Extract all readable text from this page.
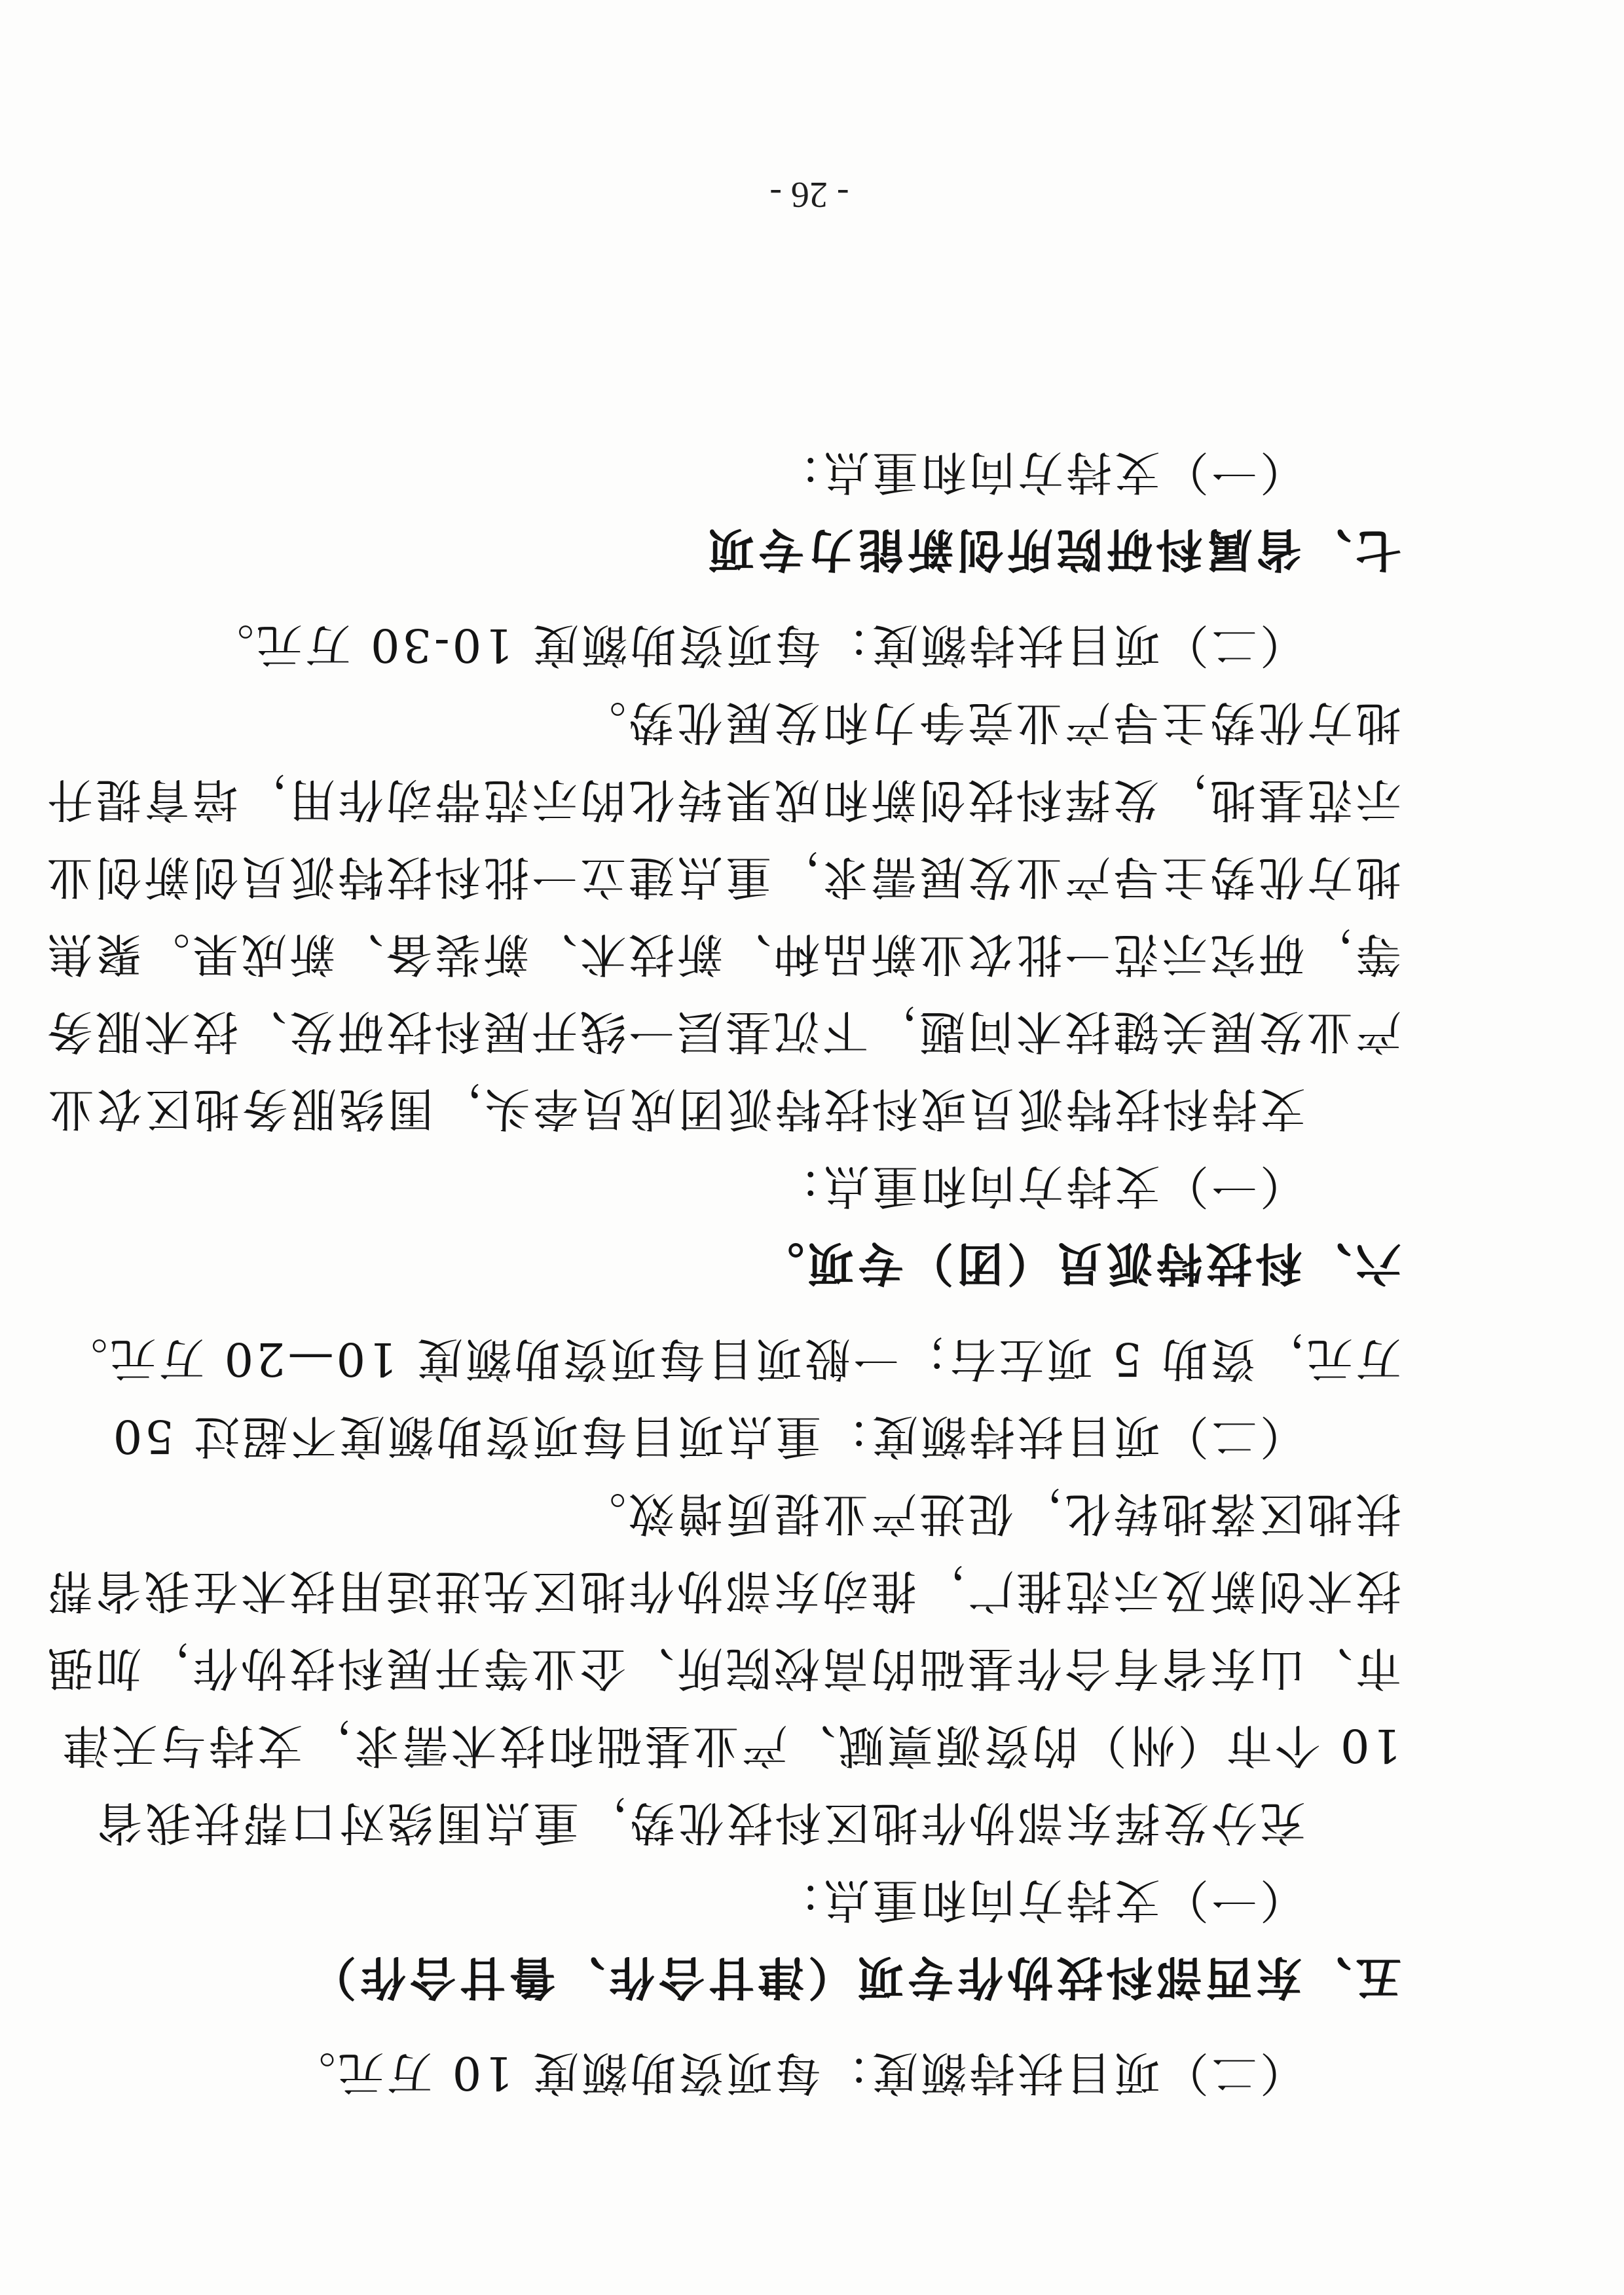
（二）项目扶持额度：每项资助额度 10 万元。
五、东西部科技协作专项（津甘合作、鲁甘合作）
（一）支持方向和重点：
充分发挥东部协作地区科技优势，重点围绕对口帮扶我省
10 个市（州）的资源禀赋、产业基础和技术需求，支持与天津
市、山东省有合作基础的高校院所、企业等开展科技协作，加强
技术创新及示范推广，推动东部协作地区先进适用技术在我省帮
扶地区落地转化，促进产业提质增效。
（二）项目扶持额度：重点项目每项资助额度不超过 50
万元，资助 5 项左右；一般项目每项资助额度 10—20 万元。
六、科技特派员（团）专项。
（一）支持方向和重点：
支持科技特派员或科技特派团成员牵头，围绕服务地区农业
产业发展关键技术问题，下沉基层一线开展科技研发、技术服务
等，研究示范一批农业新品种、新技术、新装备、新成果。聚焦
地方优势主导产业发展需求，重点建立一批科技特派员创新创业
示范基地，发挥科技创新和成果转化的示范带动作用，培育提升
地方优势主导产业竞争力和发展优势。
（二）项目扶持额度：每项资助额度 10-30 万元。
七、省属科研院所创新能力专项
（一）支持方向和重点：
- 26 -
